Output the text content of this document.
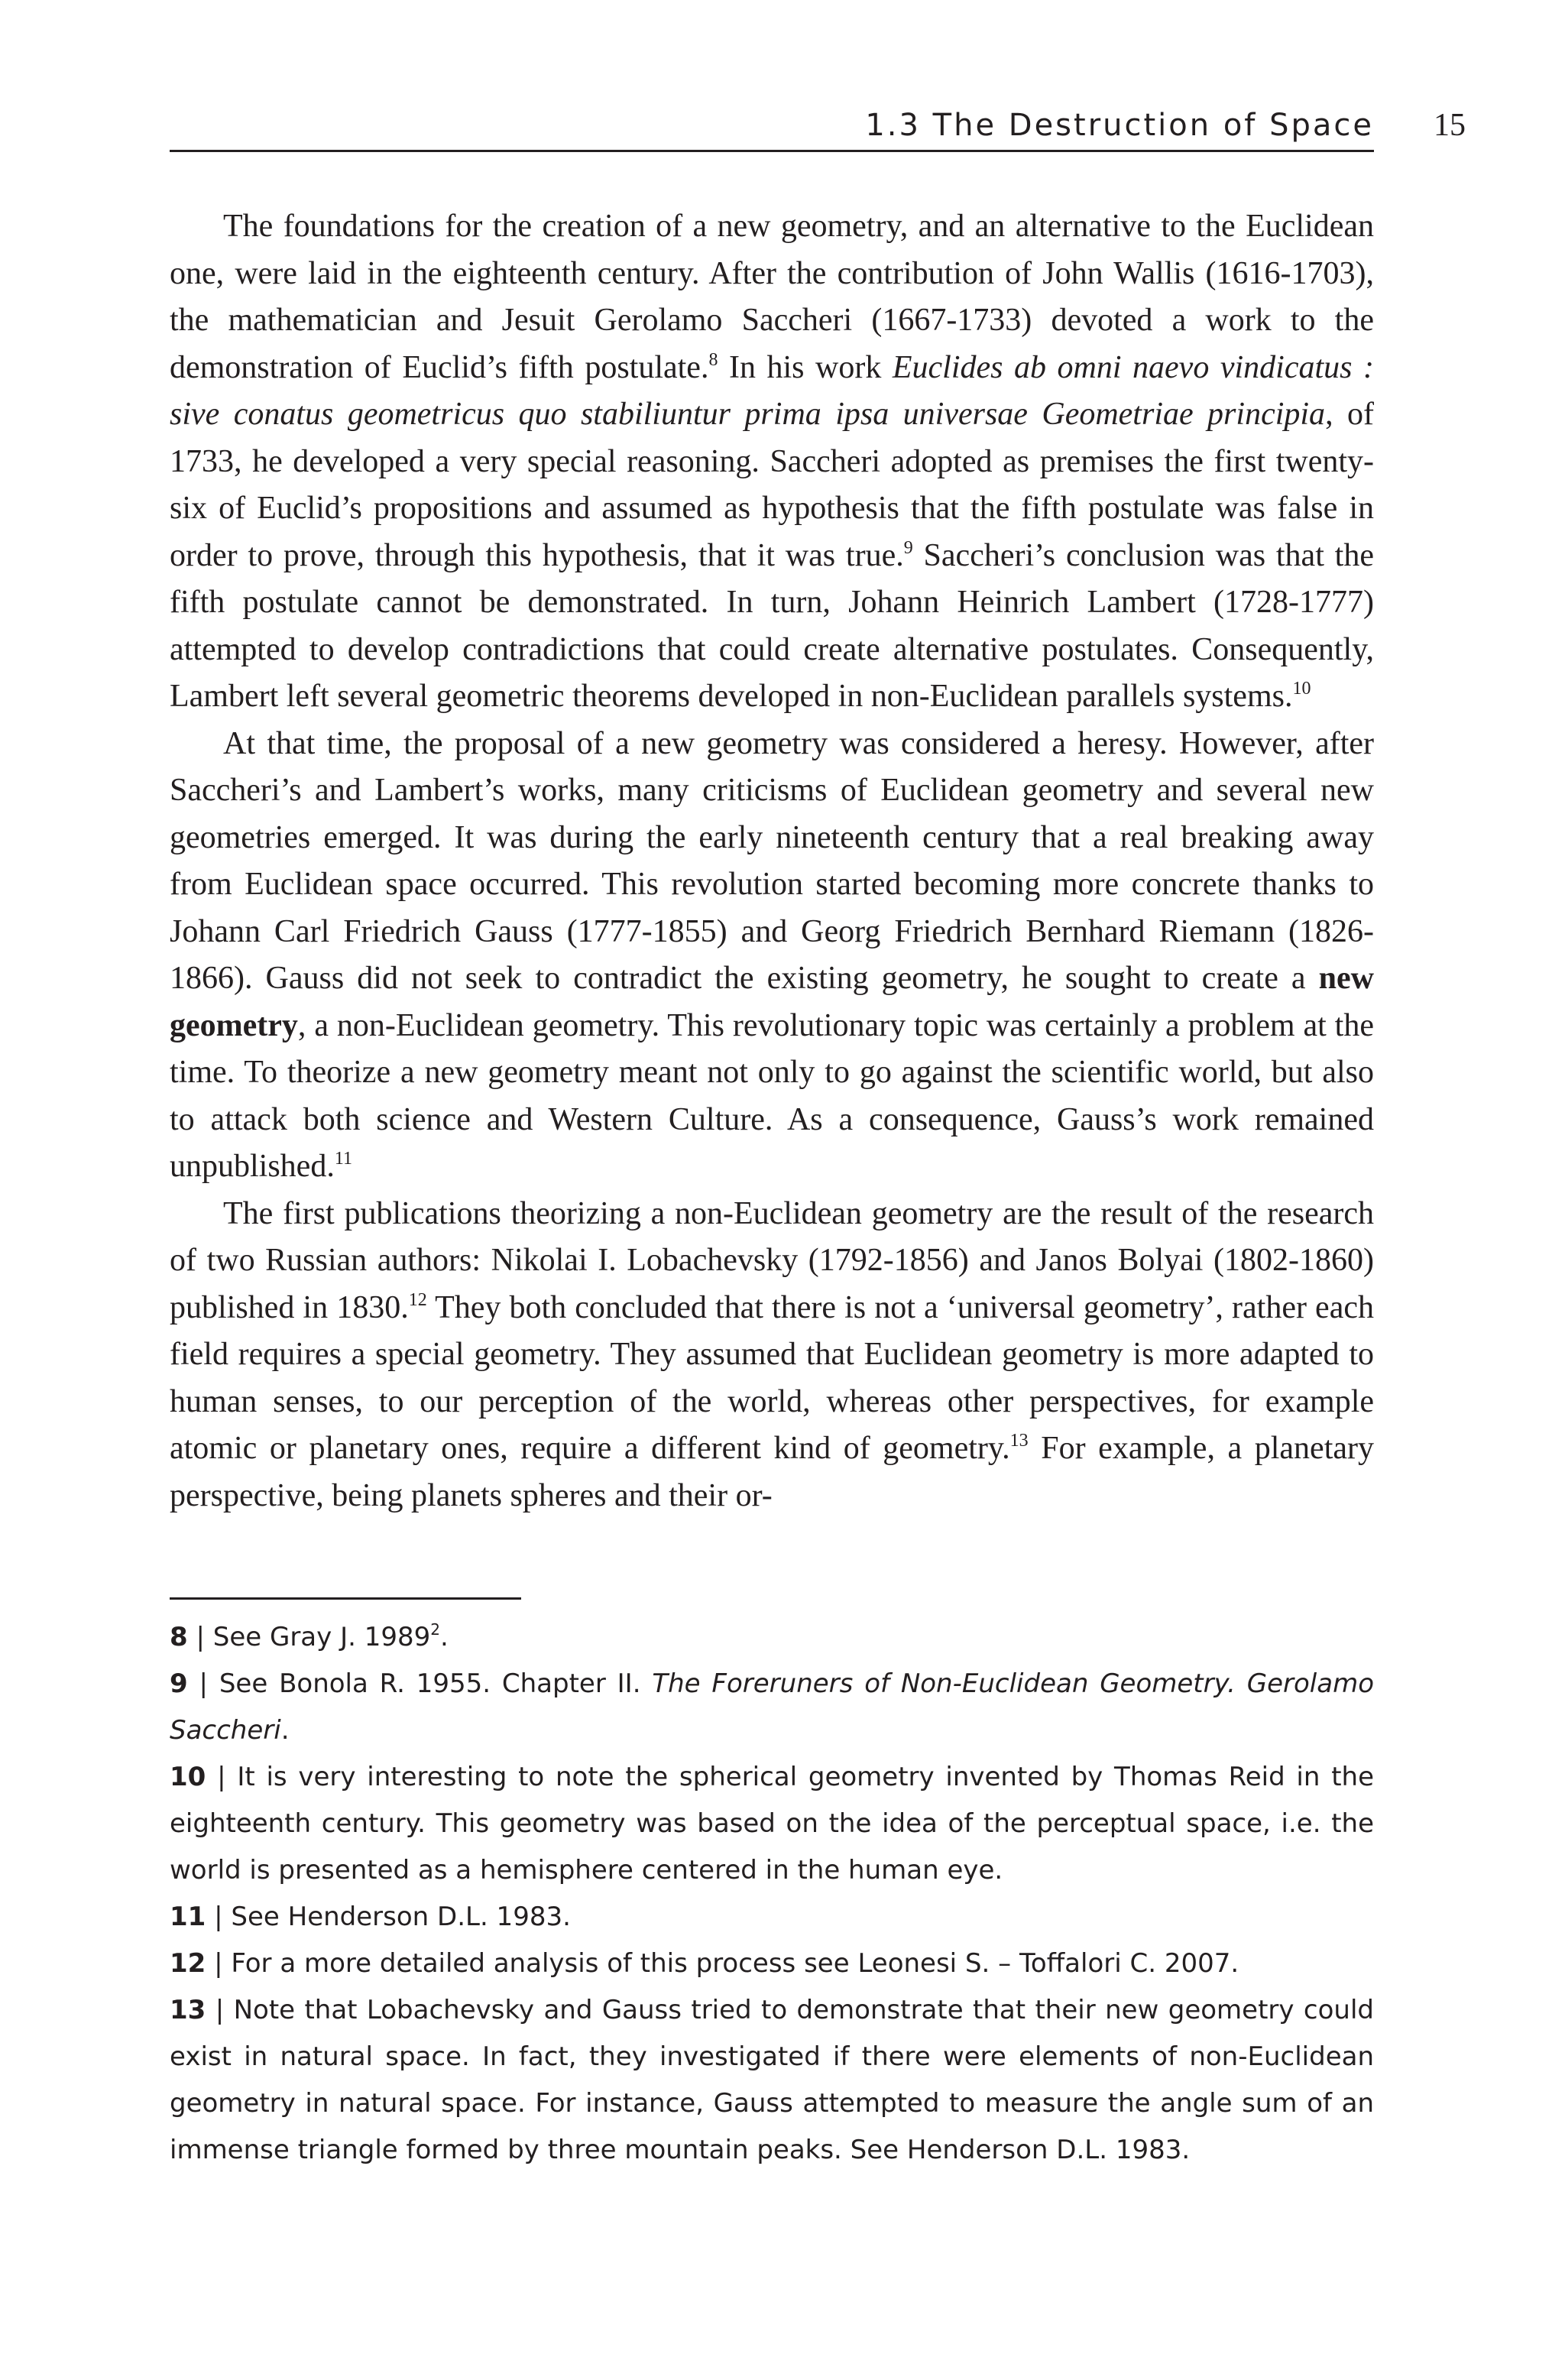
1.3 The Destruction of Space 15

The foundations for the creation of a new geometry, and an alternative to the Euclidean one, were laid in the eighteenth century. After the contribution of John Wallis (1616-1703), the mathematician and Jesuit Gerolamo Saccheri (1667-1733) devoted a work to the demonstration of Euclid’s fifth postulate.$^8$ In his work Euclides ab omni naevo vindicatus : sive conatus geometricus quo stabiliuntur prima ipsa universae Geometriae principia, of 1733, he developed a very special reasoning. Saccheri adopted as premises the first twenty-six of Euclid’s propositions and assumed as hypothesis that the fifth postulate was false in order to prove, through this hypothesis, that it was true.$^9$ Saccheri’s conclusion was that the fifth postulate cannot be demonstrated. In turn, Johann Heinrich Lambert (1728-1777) attempted to develop contradictions that could create alternative postulates. Consequently, Lambert left several geometric theorems developed in non-Euclidean parallels systems.$^{10}$

At that time, the proposal of a new geometry was considered a heresy. However, after Saccheri’s and Lambert’s works, many criticisms of Euclidean geometry and several new geometries emerged. It was during the early nineteenth century that a real breaking away from Euclidean space occurred. This revolution started becoming more concrete thanks to Johann Carl Friedrich Gauss (1777-1855) and Georg Friedrich Bernhard Riemann (1826-1866). Gauss did not seek to contradict the existing geometry, he sought to create a new geometry, a non-Euclidean geometry. This revolutionary topic was certainly a problem at the time. To theorize a new geometry meant not only to go against the scientific world, but also to attack both science and Western Culture. As a consequence, Gauss’s work remained unpublished.$^{11}$

The first publications theorizing a non-Euclidean geometry are the result of the research of two Russian authors: Nikolai I. Lobachevsky (1792-1856) and Janos Bolyai (1802-1860) published in 1830.12 They both concluded that there is not a ‘universal geometry’, rather each field requires a special geometry. They assumed that Euclidean geometry is more adapted to human senses, to our perception of the world, whereas other perspectives, for example atomic or planetary ones, require a different kind of geometry.$^{13}$ For example, a planetary perspective, being planets spheres and their or-

8 | See Gray J. 1989$^2$.

9 | See Bonola R. 1955. Chapter II. The Foreruners of Non-Euclidean Geometry. Gerolamo Saccheri.

10 | It is very interesting to note the spherical geometry invented by Thomas Reid in the eighteenth century. This geometry was based on the idea of the perceptual space, i.e. the world is presented as a hemisphere centered in the human eye.

11 | See Henderson D.L. 1983.

12 | For a more detailed analysis of this process see Leonesi S. – Toffalori C. 2007.

13 | Note that Lobachevsky and Gauss tried to demonstrate that their new geometry could exist in natural space. In fact, they investigated if there were elements of non-Euclidean geometry in natural space. For instance, Gauss attempted to measure the angle sum of an immense triangle formed by three mountain peaks. See Henderson D.L. 1983.
